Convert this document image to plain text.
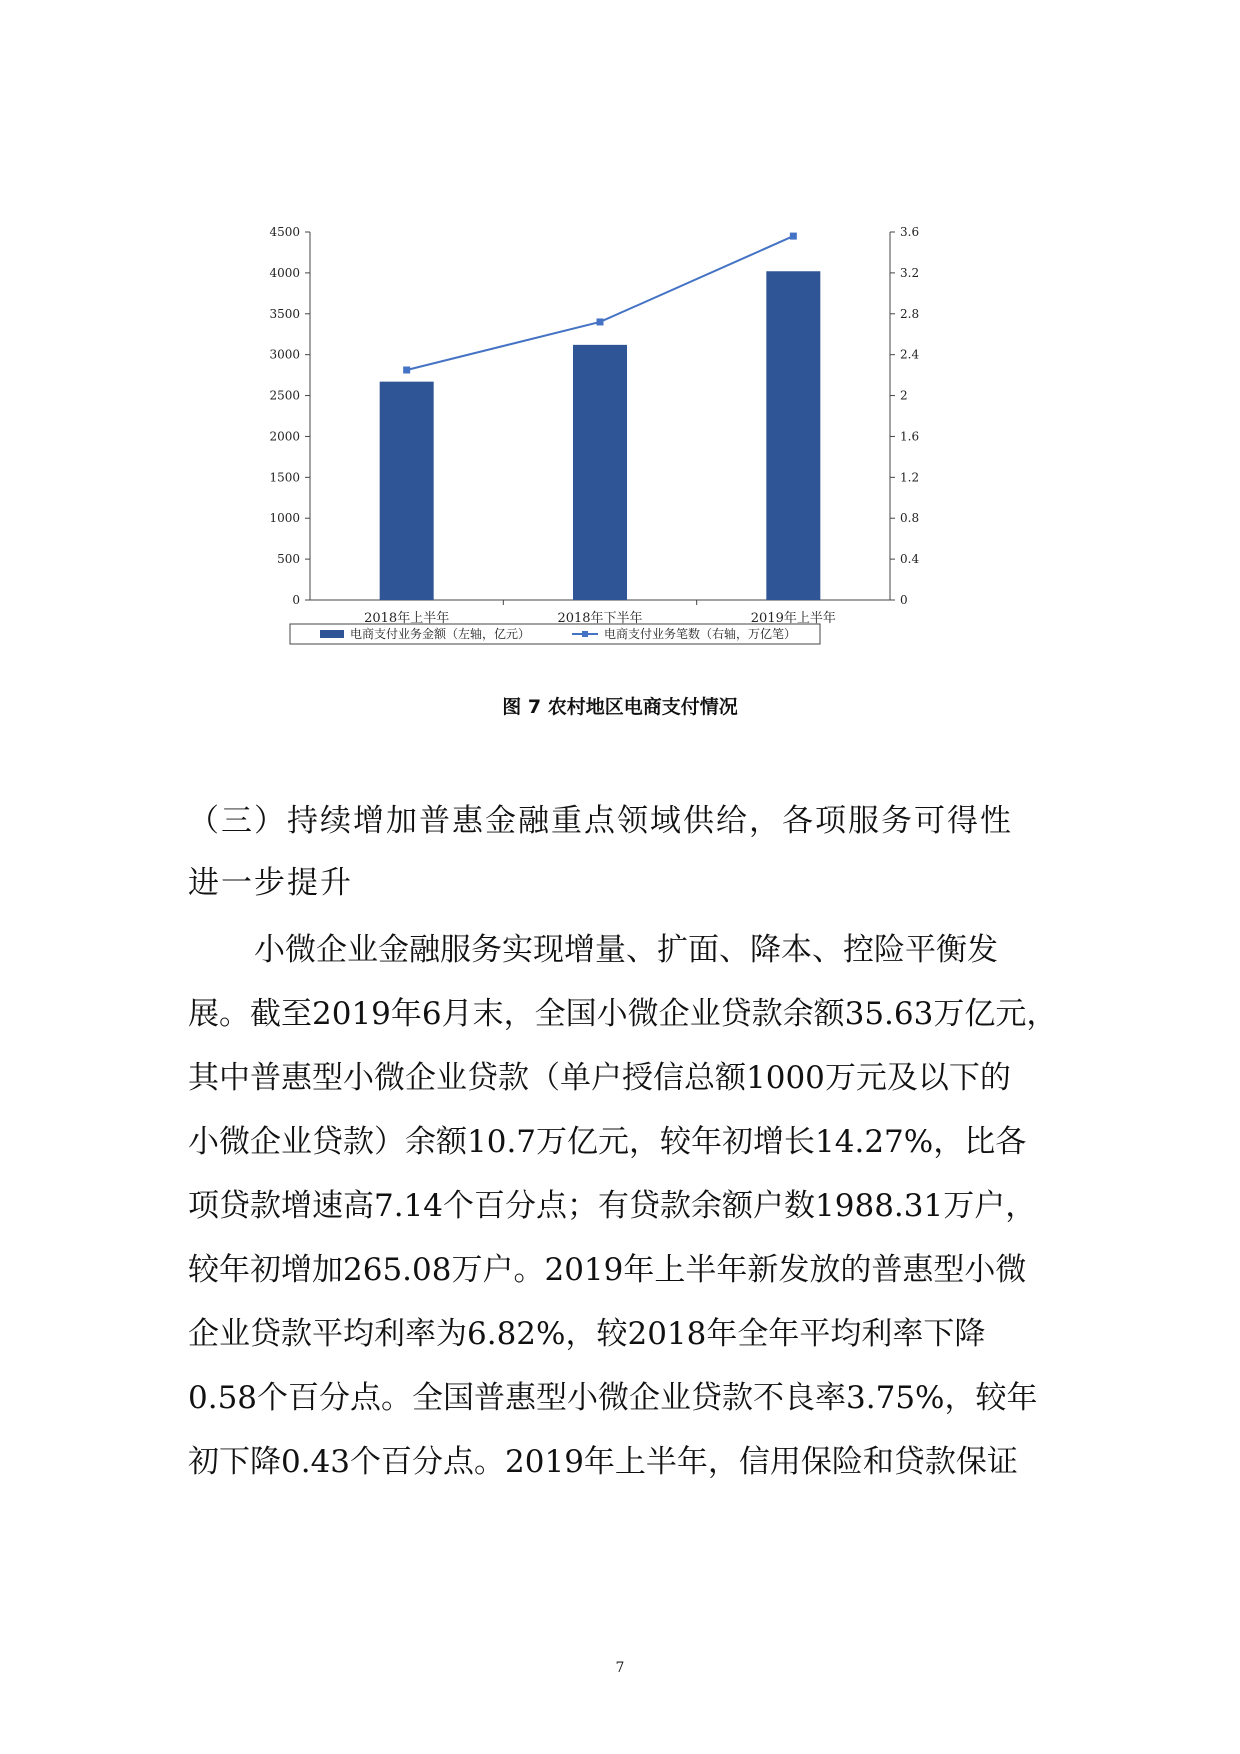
0
500
1000
1500
2000
2500
3000
3500
4000
4500
0
0.4
0.8
1.2
1.6
2
2.4
2.8
3.2
3.6
2018年上半年	2018年下半年	2019年上半年
电商支付业务金额（左轴，亿元）	电商支付业务笔数（右轴，万亿笔）
图 7 农村地区电商支付情况
（三）持续增加普惠金融重点领域供给，各项服务可得性
进一步提升
小微企业金融服务实现增量、扩面、降本、控险平衡发
展。截至2019年6月末，全国小微企业贷款余额35.63万亿元，
其中普惠型小微企业贷款（单户授信总额1000万元及以下的
小微企业贷款）余额10.7万亿元，较年初增长14.27%，比各
项贷款增速高7.14个百分点；有贷款余额户数1988.31万户，
较年初增加265.08万户。2019年上半年新发放的普惠型小微
企业贷款平均利率为6.82%，较2018年全年平均利率下降
0.58个百分点。全国普惠型小微企业贷款不良率3.75%，较年
初下降0.43个百分点。2019年上半年，信用保险和贷款保证
7
